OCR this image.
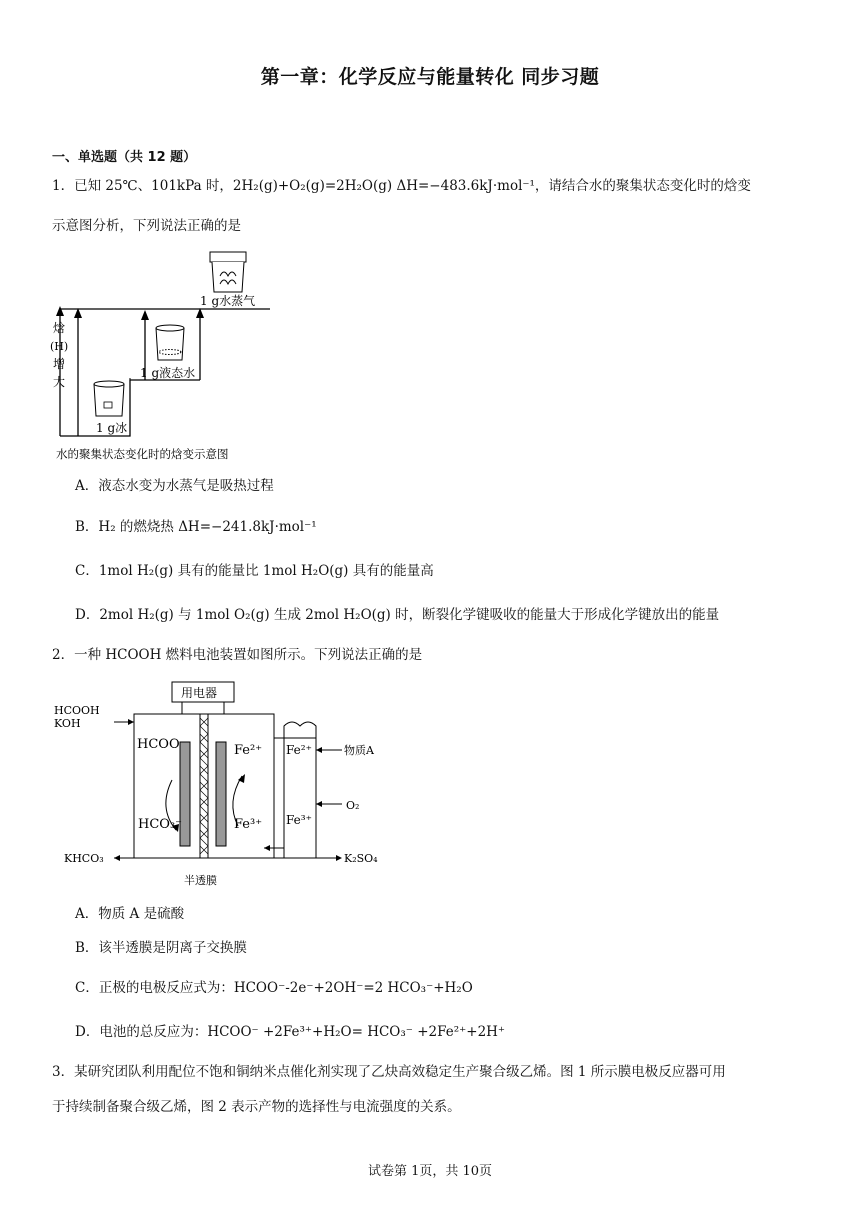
第一章：化学反应与能量转化 同步习题
一、单选题（共 12 题）
1．已知 25℃、101kPa 时，2H₂(g)+O₂(g)=2H₂O(g) ΔH=−483.6kJ·mol⁻¹，请结合水的聚集状态变化时的焓变
示意图分析，下列说法正确的是
焓
(H)
增
大
1 g冰
1 g液态水
1 g水蒸气
水的聚集状态变化时的焓变示意图
A．液态水变为水蒸气是吸热过程
B．H₂ 的燃烧热 ΔH=−241.8kJ·mol⁻¹
C．1mol H₂(g) 具有的能量比 1mol H₂O(g) 具有的能量高
D．2mol H₂(g) 与 1mol O₂(g) 生成 2mol H₂O(g) 时，断裂化学键吸收的能量大于形成化学键放出的能量
2．一种 HCOOH 燃料电池装置如图所示。下列说法正确的是
用电器
HCOOH
KOH
HCOO⁻
HCO₃⁻
Fe²⁺
Fe³⁺
KHCO₃
Fe²⁺
Fe³⁺
物质A
O₂
K₂SO₄
半透膜
A．物质 A 是硫酸
B．该半透膜是阴离子交换膜
C．正极的电极反应式为：HCOO⁻-2e⁻+2OH⁻=2 HCO₃⁻+H₂O
D．电池的总反应为：HCOO⁻ +2Fe³⁺+H₂O= HCO₃⁻ +2Fe²⁺+2H⁺
3．某研究团队利用配位不饱和铜纳米点催化剂实现了乙炔高效稳定生产聚合级乙烯。图 1 所示膜电极反应器可用
于持续制备聚合级乙烯，图 2 表示产物的选择性与电流强度的关系。
试卷第 1页，共 10页
